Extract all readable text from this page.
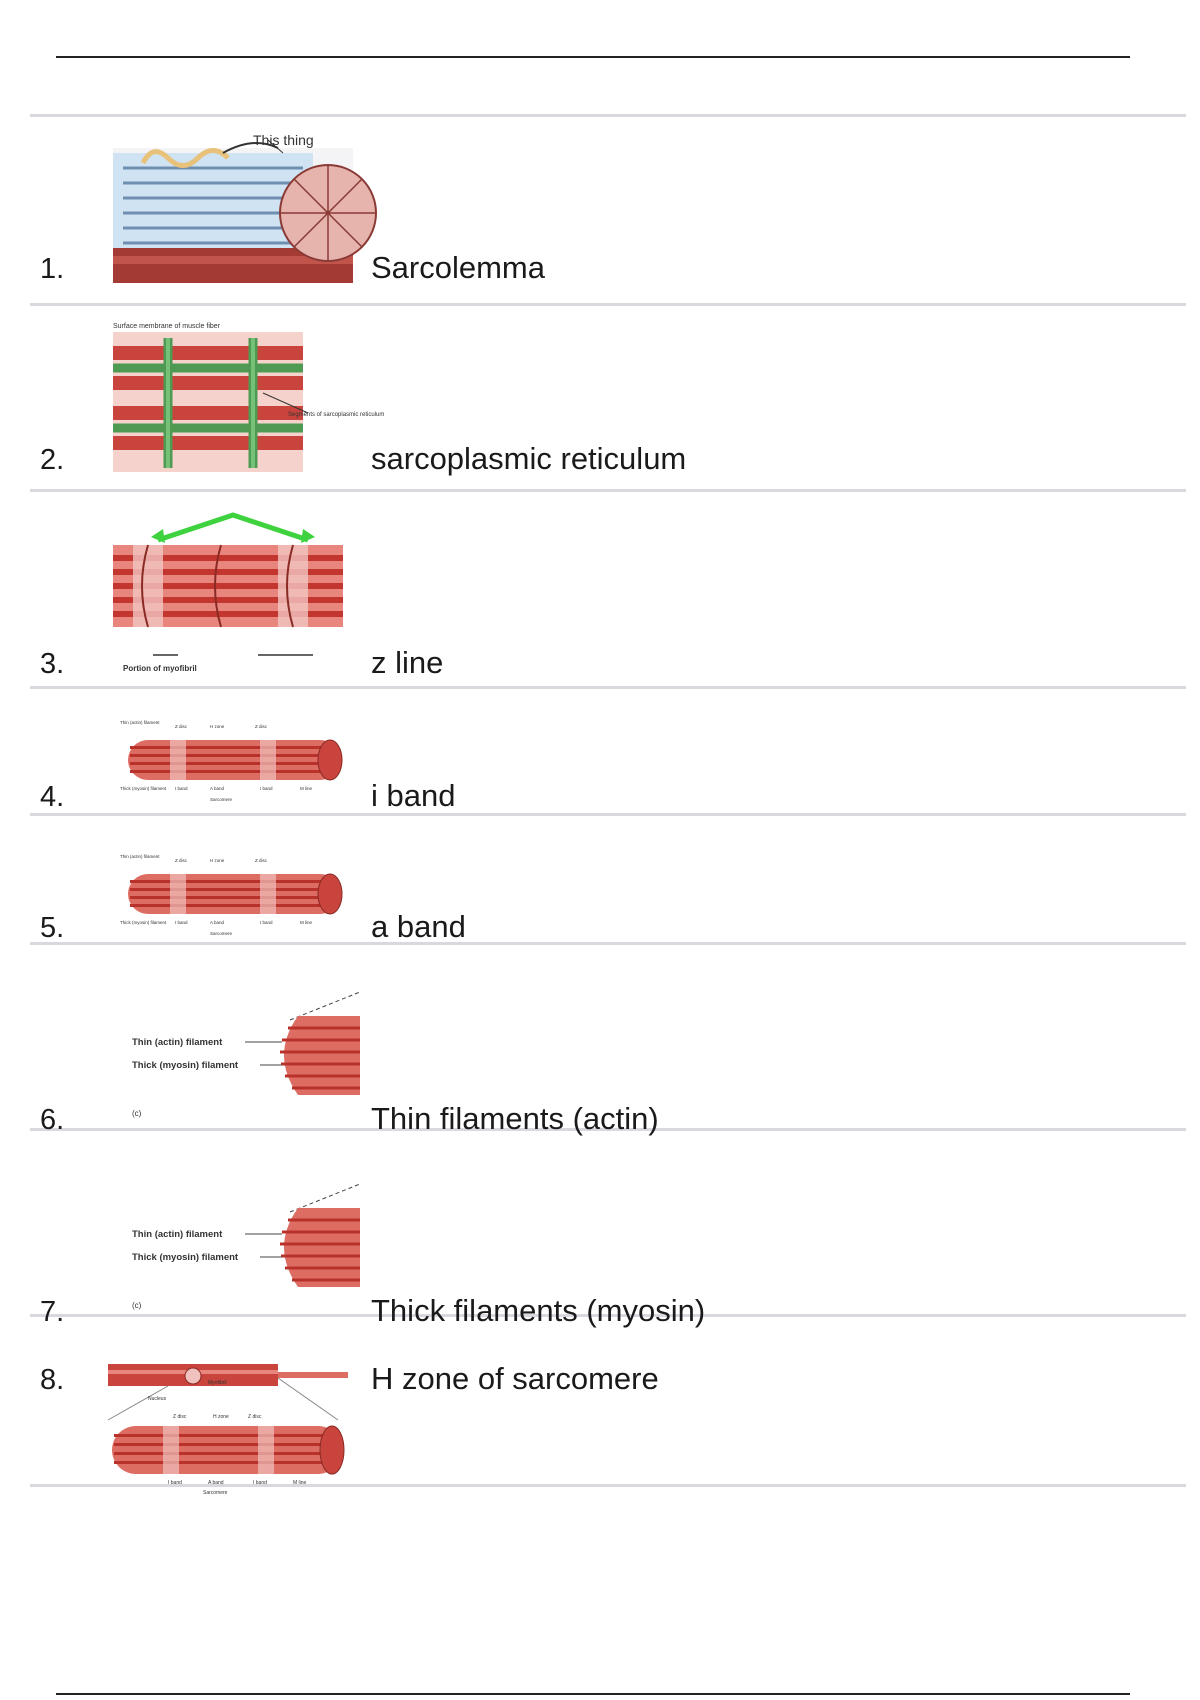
1.	Sarcolemma
This thing
2.	sarcoplasmic reticulum
Surface membrane of muscle fiber
Segments of sarcoplasmic reticulum
3.	z line
Portion of myofibril
4.	i band
Thin (actin) filament
Z disc	H zone	Z disc
Thick (myosin) filament I band	A band	I band	M line
Sarcomere
5.	a band
Thin (actin) filament
Z disc	H zone	Z disc
Thick (myosin) filament I band	A band	I band	M line
Sarcomere
6.	Thin filaments (actin)
Thin (actin) filament
Thick (myosin) filament
(c)
7.	Thick filaments (myosin)
Thin (actin) filament
Thick (myosin) filament
(c)
8.	H zone of sarcomere
Nucleus
Myofibril
Z disc	H zone	Z disc
I band	A band	I band	M line
Sarcomere
